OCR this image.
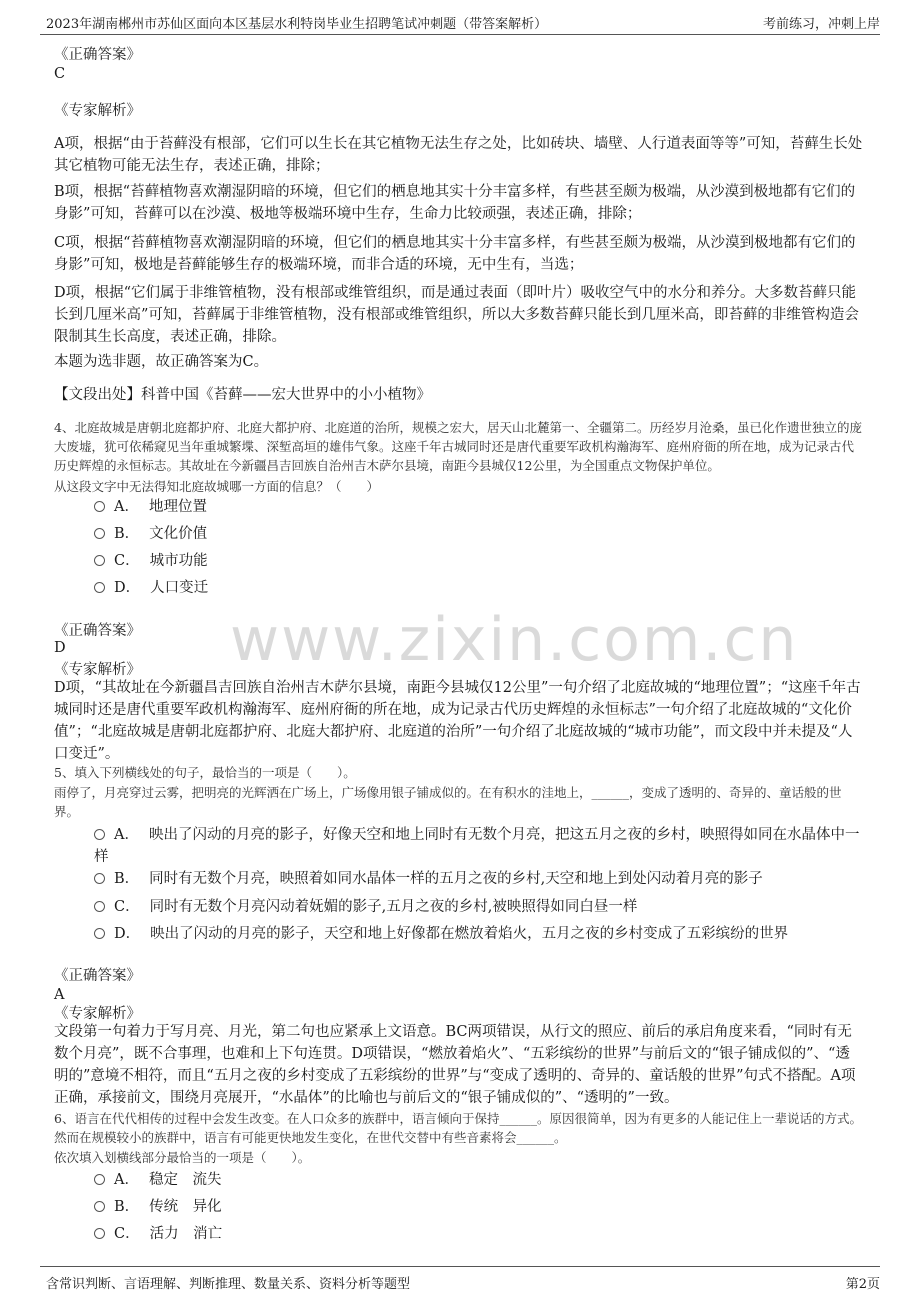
2023年湖南郴州市苏仙区面向本区基层水利特岗毕业生招聘笔试冲刺题（带答案解析）	考前练习，冲刺上岸
www.zixin.com.cn
《正确答案》
C
《专家解析》
A项，根据“由于苔藓没有根部，它们可以生长在其它植物无法生存之处，比如砖块、墙壁、人行道表面等等”可知，苔藓生长处其它植物可能无法生存，表述正确，排除；
B项，根据“苔藓植物喜欢潮湿阴暗的环境，但它们的栖息地其实十分丰富多样，有些甚至颇为极端，从沙漠到极地都有它们的身影”可知，苔藓可以在沙漠、极地等极端环境中生存，生命力比较顽强，表述正确，排除；
C项，根据“苔藓植物喜欢潮湿阴暗的环境，但它们的栖息地其实十分丰富多样，有些甚至颇为极端，从沙漠到极地都有它们的身影”可知，极地是苔藓能够生存的极端环境，而非合适的环境，无中生有，当选；
D项，根据“它们属于非维管植物，没有根部或维管组织，而是通过表面（即叶片）吸收空气中的水分和养分。大多数苔藓只能长到几厘米高”可知，苔藓属于非维管植物，没有根部或维管组织，所以大多数苔藓只能长到几厘米高，即苔藓的非维管构造会限制其生长高度，表述正确，排除。
本题为选非题，故正确答案为C。
【文段出处】科普中国《苔藓——宏大世界中的小小植物》
4、北庭故城是唐朝北庭都护府、北庭大都护府、北庭道的治所，规模之宏大，居天山北麓第一、全疆第二。历经岁月沧桑，虽已化作遗世独立的庞大废墟，犹可依稀窥见当年重城繁堞、深堑高垣的雄伟气象。这座千年古城同时还是唐代重要军政机构瀚海军、庭州府衙的所在地，成为记录古代历史辉煌的永恒标志。其故址在今新疆昌吉回族自治州吉木萨尔县境，南距今县城仅12公里，为全国重点文物保护单位。
从这段文字中无法得知北庭故城哪一方面的信息？（　　）
A． 地理位置
B． 文化价值
C． 城市功能
D． 人口变迁
《正确答案》
D
《专家解析》
D项，“其故址在今新疆昌吉回族自治州吉木萨尔县境，南距今县城仅12公里”一句介绍了北庭故城的“地理位置”；“这座千年古城同时还是唐代重要军政机构瀚海军、庭州府衙的所在地，成为记录古代历史辉煌的永恒标志”一句介绍了北庭故城的“文化价值”；“北庭故城是唐朝北庭都护府、北庭大都护府、北庭道的治所”一句介绍了北庭故城的“城市功能”，而文段中并未提及“人口变迁”。
5、填入下列横线处的句子，最恰当的一项是（　　）。
雨停了，月亮穿过云雾，把明亮的光辉洒在广场上，广场像用银子铺成似的。在有积水的洼地上，______，变成了透明的、奇异的、童话般的世界。
A． 映出了闪动的月亮的影子，好像天空和地上同时有无数个月亮，把这五月之夜的乡村，映照得如同在水晶体中一样
B． 同时有无数个月亮，映照着如同水晶体一样的五月之夜的乡村,天空和地上到处闪动着月亮的影子
C． 同时有无数个月亮闪动着妩媚的影子,五月之夜的乡村,被映照得如同白昼一样
D． 映出了闪动的月亮的影子，天空和地上好像都在燃放着焰火，五月之夜的乡村变成了五彩缤纷的世界
《正确答案》
A
《专家解析》
文段第一句着力于写月亮、月光，第二句也应紧承上文语意。BC两项错误，从行文的照应、前后的承启角度来看，“同时有无数个月亮”，既不合事理，也难和上下句连贯。D项错误，“燃放着焰火”、“五彩缤纷的世界”与前后文的“银子铺成似的”、“透明的”意境不相符，而且“五月之夜的乡村变成了五彩缤纷的世界”与“变成了透明的、奇异的、童话般的世界”句式不搭配。A项正确，承接前文，围绕月亮展开，“水晶体”的比喻也与前后文的“银子铺成似的”、“透明的”一致。
6、语言在代代相传的过程中会发生改变。在人口众多的族群中，语言倾向于保持______。原因很简单，因为有更多的人能记住上一辈说话的方式。然而在规模较小的族群中，语言有可能更快地发生变化，在世代交替中有些音素将会______。
依次填入划横线部分最恰当的一项是（　　）。
A． 稳定　流失
B． 传统　异化
C． 活力　消亡
含常识判断、言语理解、判断推理、数量关系、资料分析等题型	第2页
